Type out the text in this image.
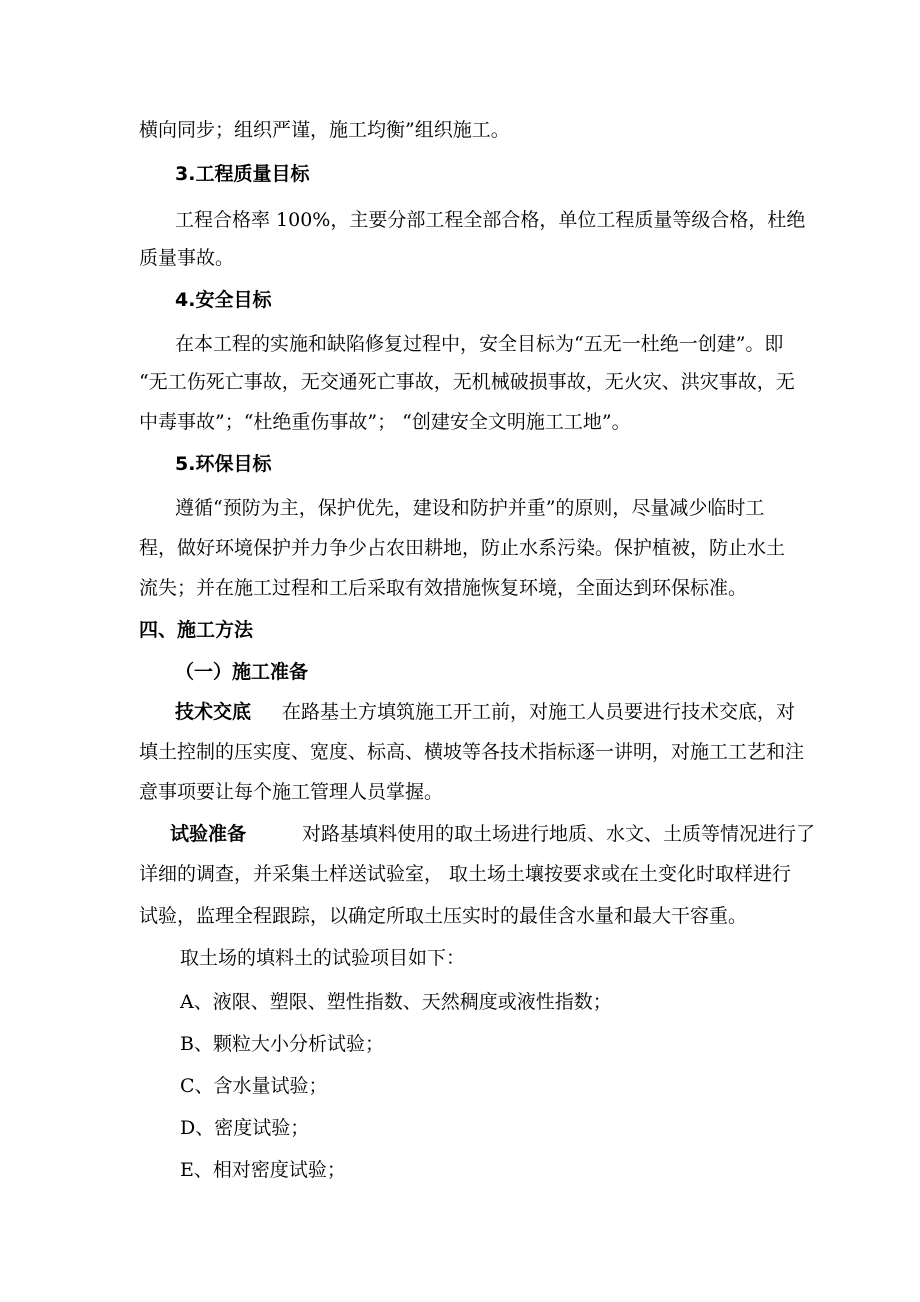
横向同步；组织严谨，施工均衡”组织施工。
3.工程质量目标
工程合格率 100%，主要分部工程全部合格，单位工程质量等级合格，杜绝
质量事故。
4.安全目标
在本工程的实施和缺陷修复过程中，安全目标为“五无一杜绝一创建”。即
“无工伤死亡事故，无交通死亡事故，无机械破损事故，无火灾、洪灾事故，无
中毒事故”；“杜绝重伤事故”； “创建安全文明施工工地”。
5.环保目标
遵循“预防为主，保护优先，建设和防护并重”的原则，尽量减少临时工
程，做好环境保护并力争少占农田耕地，防止水系污染。保护植被，防止水土
流失；并在施工过程和工后采取有效措施恢复环境，全面达到环保标准。
四、施工方法
（一）施工准备
技术交底 在路基土方填筑施工开工前，对施工人员要进行技术交底，对
填土控制的压实度、宽度、标高、横坡等各技术指标逐一讲明，对施工工艺和注
意事项要让每个施工管理人员掌握。
试验准备	对路基填料使用的取土场进行地质、水文、土质等情况进行了
详细的调查，并采集土样送试验室， 取土场土壤按要求或在土变化时取样进行
试验，监理全程跟踪，以确定所取土压实时的最佳含水量和最大干容重。
取土场的填料土的试验项目如下：
A、液限、塑限、塑性指数、天然稠度或液性指数；
B、颗粒大小分析试验；
C、含水量试验；
D、密度试验；
E、相对密度试验；
